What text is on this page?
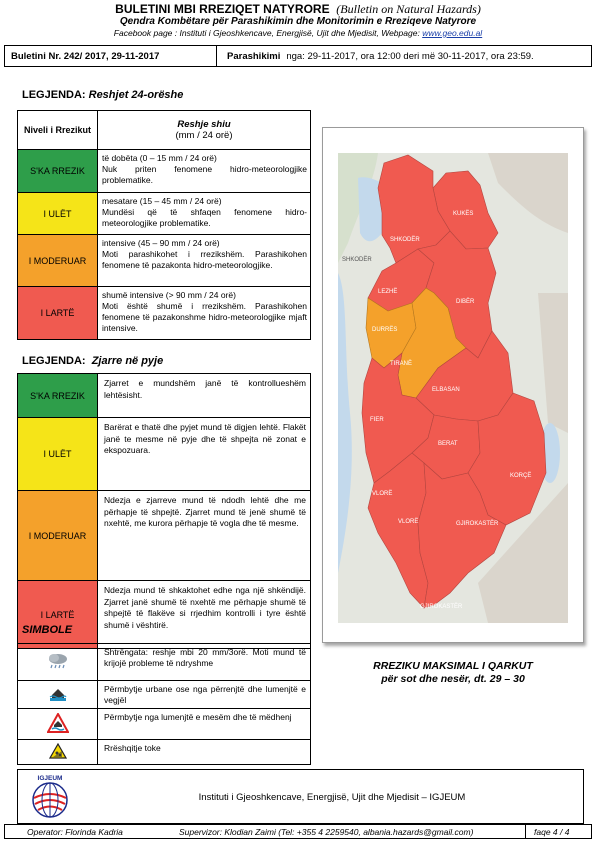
BULETINI MBI RREZIQET NATYRORE (Bulletin on Natural Hazards)
Qendra Kombëtare për Parashikimin dhe Monitorimin e Rreziqeve Natyrore
Facebook page : Instituti i Gjeoshkencave, Energjisë, Ujit dhe Mjedisit, Webpage: www.geo.edu.al
Buletini Nr. 242/ 2017, 29-11-2017	Parashikimi nga: 29-11-2017, ora 12:00 deri më 30-11-2017, ora 23:59.
LEGJENDA: Reshjet 24-orëshe
Niveli i Rrezikut	Reshje shiu
(mm / 24 orë)
S'KA RREZIK	të dobëta (0 – 15 mm / 24 orë)
Nuk priten fenomene hidro-meteorologjike problematike.
I ULËT	mesatare (15 – 45 mm / 24 orë)
Mundësi që të shfaqen fenomene hidro-meteorologjike problematike.
I MODERUAR	intensive (45 – 90 mm / 24 orë)
Moti parashikohet i rrezikshëm. Parashikohen fenomene të pazakonta hidro-meteorologjike.
I LARTË	shumë intensive (> 90 mm / 24 orë)
Moti është shumë i rrezikshëm. Parashikohen fenomene të pazakonshme hidro-meteorologjike mjaft intensive.
LEGJENDA: Zjarre në pyje
S'KA RREZIK	Zjarret e mundshëm janë të kontrollueshëm lehtësisht.
I ULËT	Barërat e thatë dhe pyjet mund të digjen lehtë. Flakët janë te mesme në pyje dhe të shpejta në zonat e ekspozuara.
I MODERUAR	Ndezja e zjarreve mund të ndodh lehtë dhe me përhapje të shpejtë. Zjarret mund të jenë shumë të nxehtë, me kurora përhapje të vogla dhe të mesme.
I LARTË	Ndezja mund të shkaktohet edhe nga një shkëndijë. Zjarret janë shumë të nxehtë me përhapje shumë të shpejtë të flakëve si rrjedhim kontrolli i tyre është shumë i vështirë.
SIMBOLE
	Shtrëngata: reshje mbi 20 mm/3orë. Moti mund të krijojë probleme të ndryshme
	Përmbytje urbane ose nga përrenjtë dhe lumenjtë e vegjël
	Përmbytje nga lumenjtë e mesëm dhe të mëdhenj
	Rrëshqitje toke
KUKËS
SHKODËR
LEZHË
DIBËR
DURRËS
TIRANË
ELBASAN
FIER
BERAT
KORÇË
VLORË
GJIROKASTËR
SHKODËR
VLORË
GJIROKASTËR
RREZIKU MAKSIMAL I QARKUT
për sot dhe nesër, dt. 29 – 30
IGJEUM
Instituti i Gjeoshkencave, Energjisë, Ujit dhe Mjedisit – IGJEUM
Operator: Florinda Kadria	Supervizor: Klodian Zaimi (Tel: +355 4 2259540, albania.hazards@gmail.com)	faqe 4 / 4
